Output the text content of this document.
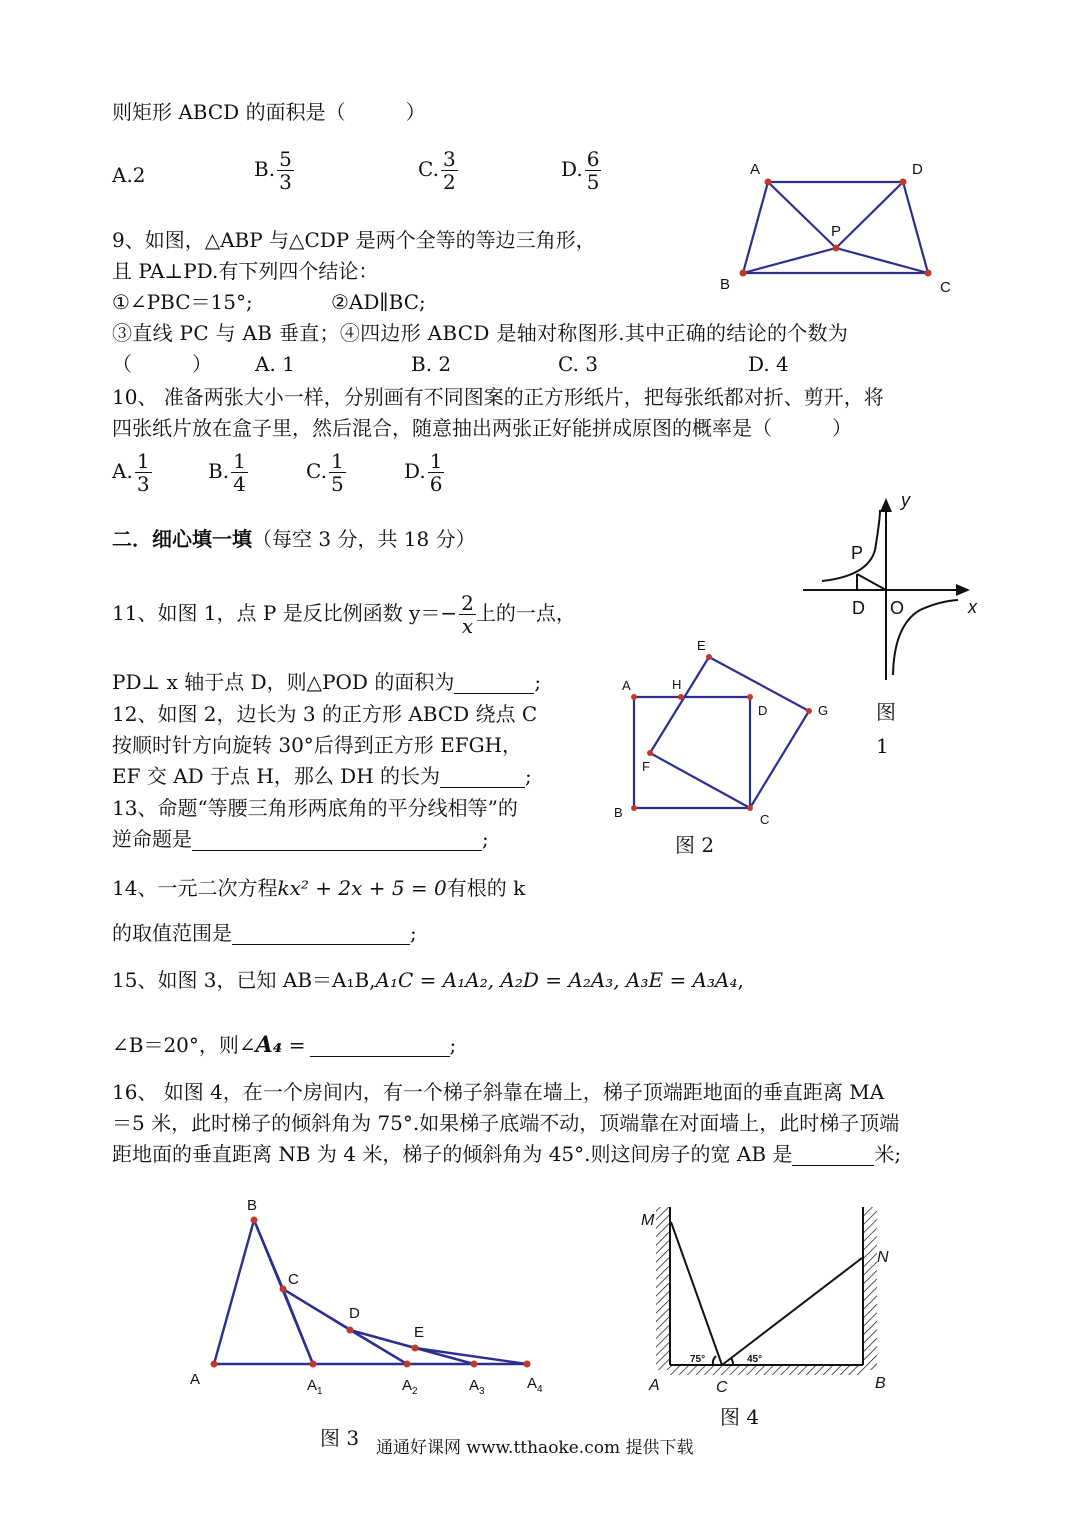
则矩形 ABCD 的面积是（　　　）
A.2	B. $\frac{5}{3}$	C. $\frac{3}{2}$	D. $\frac{6}{5}$	A	D
P
B	C
9、如图，△ABP 与△CDP 是两个全等的等边三角形，
且 PA⊥PD.有下列四个结论：
①∠PBC＝15°;	②AD∥BC;
③直线 PC 与 AB 垂直；④四边形 ABCD 是轴对称图形.其中正确的结论的个数为
（　　　） A. 1	B. 2	C. 3	D. 4
10、 准备两张大小一样，分别画有不同图案的正方形纸片，把每张纸都对折、剪开，将
四张纸片放在盒子里，然后混合，随意抽出两张正好能拼成原图的概率是（　　　）
A. $\frac{1}{3}$	B. $\frac{1}{4}$	C. $\frac{1}{5}$	D. $\frac{1}{6}$
二．细心填一填（每空 3 分，共 18 分）
y
x
P
D O
图
1
11、如图 1，点 P 是反比例函数 $y=- \frac{2}{x}$ 上的一点，
PD⊥ x 轴于点 D，则△POD 的面积为	;	A	H
E
D	G
F
B	C
图 2
12、如图 2，边长为 3 的正方形 ABCD 绕点 C
按顺时针方向旋转 30°后得到正方形 EFGH，
EF 交 AD 于点 H，那么 DH 的长为	;
13、命题“等腰三角形两底角的平分线相等”的
逆命题是	;
14、一元二次方程kx² + 2x + 5 = 0有根的 k
的取值范围是	;
15、如图 3，已知 AB＝A₁B,A₁C = A₁A₂, A₂D = A₂A₃, A₃E = A₃A₄,
∠B＝20°，则∠A₄ =	;
16、 如图 4，在一个房间内，有一个梯子斜靠在墙上，梯子顶端距地面的垂直距离 MA
＝5 米，此时梯子的倾斜角为 75°.如果梯子底端不动，顶端靠在对面墙上，此时梯子顶端
距地面的垂直距离 NB 为 4 米，梯子的倾斜角为 45°.则这间房子的宽 AB 是	米;
B
C
D
E
A	$A_1$	$A_2$	$A_3$	$A_4$
图 3
M
N
A	C	B
75°	45°
图 4
通通好课网 www.tthaoke.com 提供下载
